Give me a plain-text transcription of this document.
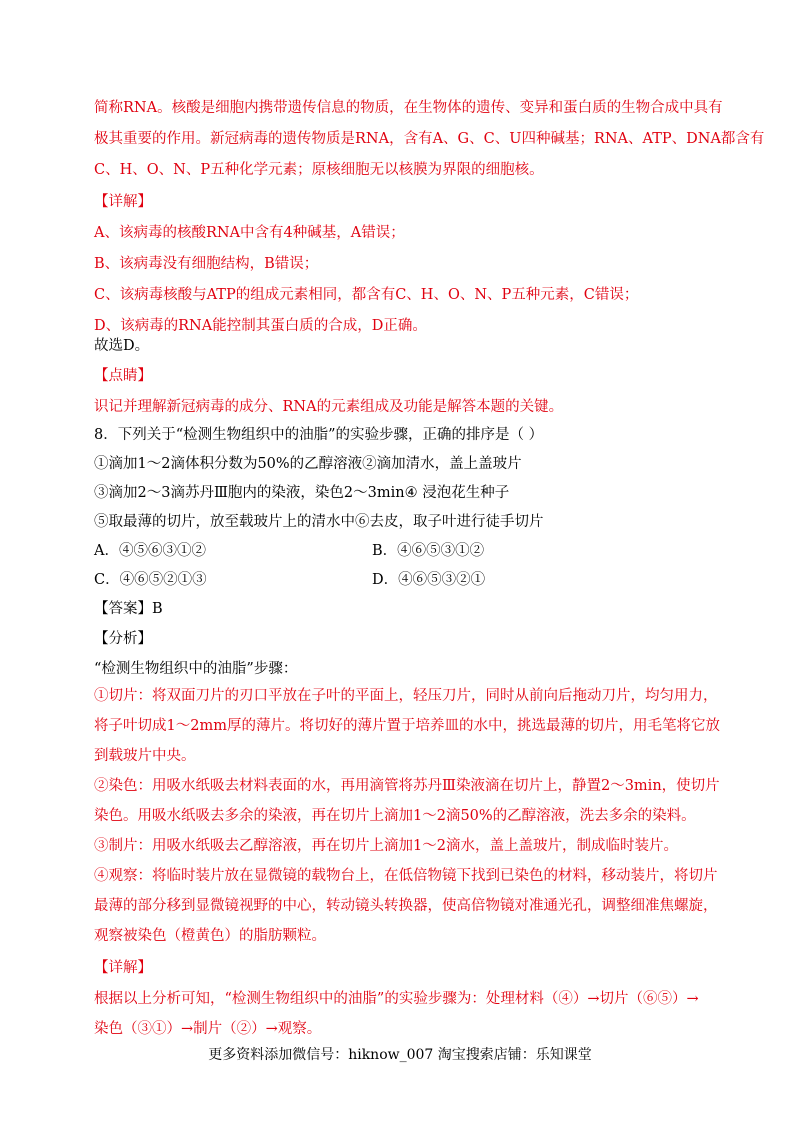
简称RNA。核酸是细胞内携带遗传信息的物质，在生物体的遗传、变异和蛋白质的生物合成中具有
极其重要的作用。新冠病毒的遗传物质是RNA，含有A、G、C、U四种碱基；RNA、ATP、DNA都含有
C、H、O、N、P五种化学元素；原核细胞无以核膜为界限的细胞核。
【详解】
A、该病毒的核酸RNA中含有4种碱基，A错误；
B、该病毒没有细胞结构，B错误；
C、该病毒核酸与ATP的组成元素相同，都含有C、H、O、N、P五种元素，C错误；
D、该病毒的RNA能控制其蛋白质的合成，D正确。
故选D。
【点睛】
识记并理解新冠病毒的成分、RNA的元素组成及功能是解答本题的关键。
8．下列关于“检测生物组织中的油脂”的实验步骤，正确的排序是（ ）
①滴加1～2滴体积分数为50%的乙醇溶液②滴加清水，盖上盖玻片
③滴加2～3滴苏丹Ⅲ胞内的染液，染色2～3min④ 浸泡花生种子
⑤取最薄的切片，放至载玻片上的清水中⑥去皮，取子叶进行徒手切片
A．④⑤⑥③①②	B．④⑥⑤③①②
C．④⑥⑤②①③	D．④⑥⑤③②①
【答案】B
【分析】
“检测生物组织中的油脂”步骤：
①切片：将双面刀片的刃口平放在子叶的平面上，轻压刀片，同时从前向后拖动刀片，均匀用力，
将子叶切成1～2mm厚的薄片。将切好的薄片置于培养皿的水中，挑选最薄的切片，用毛笔将它放
到载玻片中央。
②染色：用吸水纸吸去材料表面的水，再用滴管将苏丹Ⅲ染液滴在切片上，静置2～3min，使切片
染色。用吸水纸吸去多余的染液，再在切片上滴加1～2滴50%的乙醇溶液，洗去多余的染料。
③制片：用吸水纸吸去乙醇溶液，再在切片上滴加1～2滴水，盖上盖玻片，制成临时装片。
④观察：将临时装片放在显微镜的载物台上，在低倍物镜下找到已染色的材料，移动装片，将切片
最薄的部分移到显微镜视野的中心，转动镜头转换器，使高倍物镜对准通光孔，调整细准焦螺旋，
观察被染色（橙黄色）的脂肪颗粒。
【详解】
根据以上分析可知，“检测生物组织中的油脂”的实验步骤为：处理材料（④）→切片（⑥⑤）→
染色（③①）→制片（②）→观察。
更多资料添加微信号：hiknow_007 淘宝搜索店铺：乐知课堂
